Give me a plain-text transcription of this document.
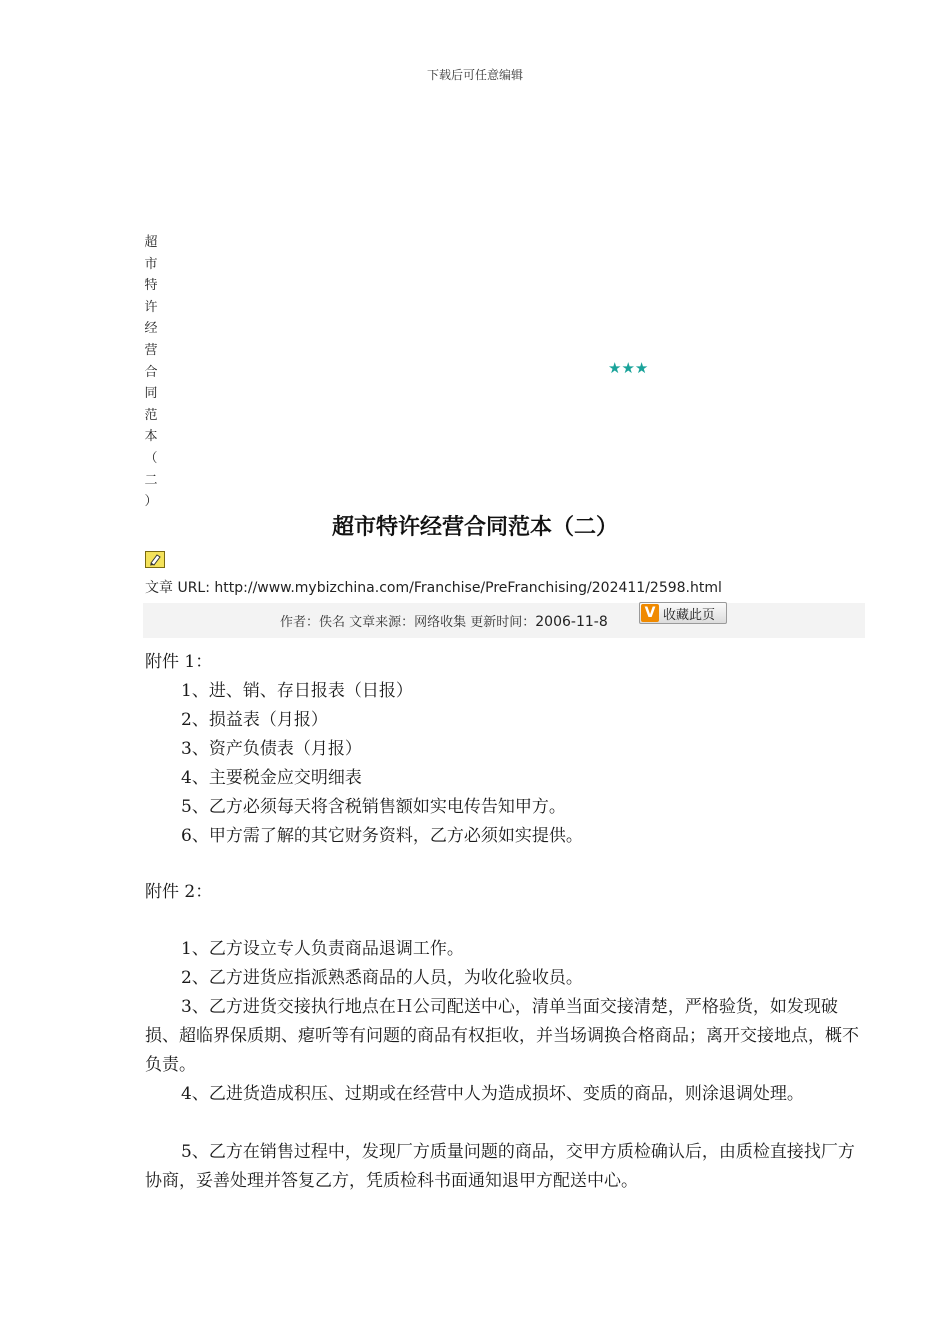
下载后可任意编辑
超
市
特
许
经
营
合
同
范
本
（
二
）
★★★
超市特许经营合同范本（二）
文章 URL: http://www.mybizchina.com/Franchise/PreFranchising/202411/2598.html
作者：佚名 文章来源：网络收集 更新时间：2006-11-8
V 收藏此页
附件 1：
1、进、销、存日报表（日报）
2、损益表（月报）
3、资产负债表（月报）
4、主要税金应交明细表
5、乙方必须每天将含税销售额如实电传告知甲方。
6、甲方需了解的其它财务资料，乙方必须如实提供。
附件 2：
1、乙方设立专人负责商品退调工作。
2、乙方进货应指派熟悉商品的人员，为收化验收员。
3、乙方进货交接执行地点在Ｈ公司配送中心，清单当面交接清楚，严格验货，如发现破损、超临界保质期、瘪听等有问题的商品有权拒收，并当场调换合格商品；离开交接地点，概不负责。
4、乙进货造成积压、过期或在经营中人为造成损坏、变质的商品，则涂退调处理。
5、乙方在销售过程中，发现厂方质量问题的商品，交甲方质检确认后，由质检直接找厂方协商，妥善处理并答复乙方，凭质检科书面通知退甲方配送中心。
